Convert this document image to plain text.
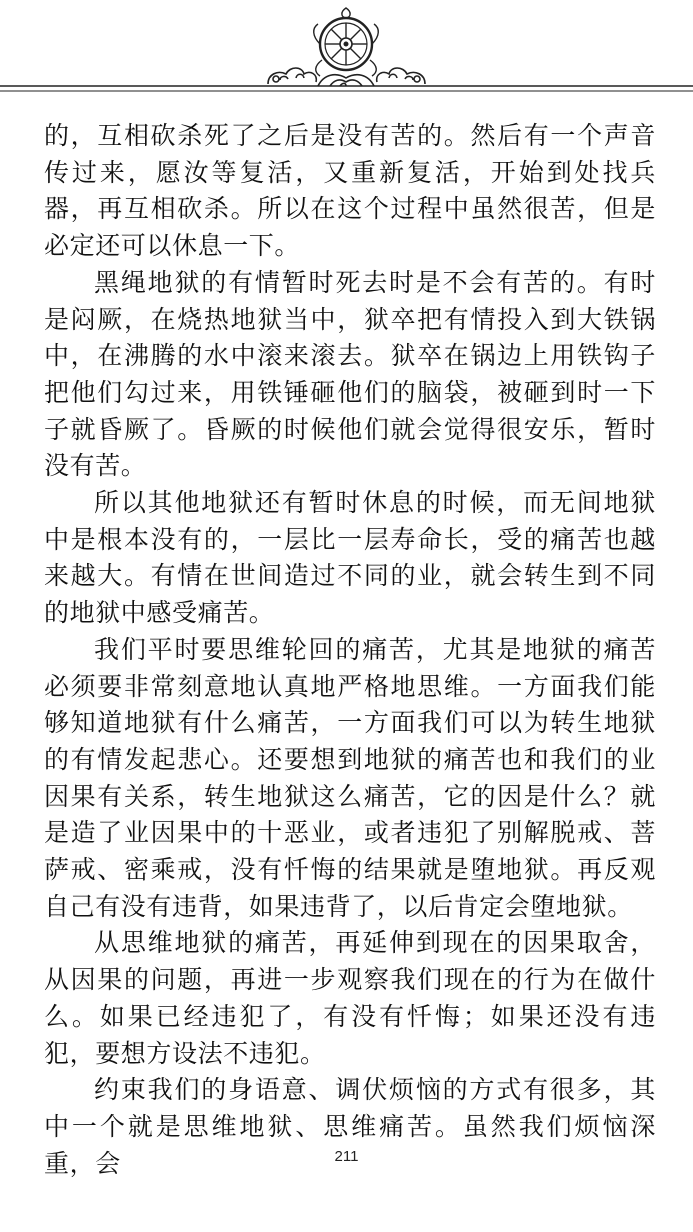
的，互相砍杀死了之后是没有苦的。然后有一个声音传过来，愿汝等复活，又重新复活，开始到处找兵器，再互相砍杀。所以在这个过程中虽然很苦，但是必定还可以休息一下。

黑绳地狱的有情暂时死去时是不会有苦的。有时是闷厥，在烧热地狱当中，狱卒把有情投入到大铁锅中，在沸腾的水中滚来滚去。狱卒在锅边上用铁钩子把他们勾过来，用铁锤砸他们的脑袋，被砸到时一下子就昏厥了。昏厥的时候他们就会觉得很安乐，暂时没有苦。

所以其他地狱还有暂时休息的时候，而无间地狱中是根本没有的，一层比一层寿命长，受的痛苦也越来越大。有情在世间造过不同的业，就会转生到不同的地狱中感受痛苦。

我们平时要思维轮回的痛苦，尤其是地狱的痛苦必须要非常刻意地认真地严格地思维。一方面我们能够知道地狱有什么痛苦，一方面我们可以为转生地狱的有情发起悲心。还要想到地狱的痛苦也和我们的业因果有关系，转生地狱这么痛苦，它的因是什么？就是造了业因果中的十恶业，或者违犯了别解脱戒、菩萨戒、密乘戒，没有忏悔的结果就是堕地狱。再反观自己有没有违背，如果违背了，以后肯定会堕地狱。

从思维地狱的痛苦，再延伸到现在的因果取舍，从因果的问题，再进一步观察我们现在的行为在做什么。如果已经违犯了，有没有忏悔；如果还没有违犯，要想方设法不违犯。

约束我们的身语意、调伏烦恼的方式有很多，其中一个就是思维地狱、思维痛苦。虽然我们烦恼深重，会	211
